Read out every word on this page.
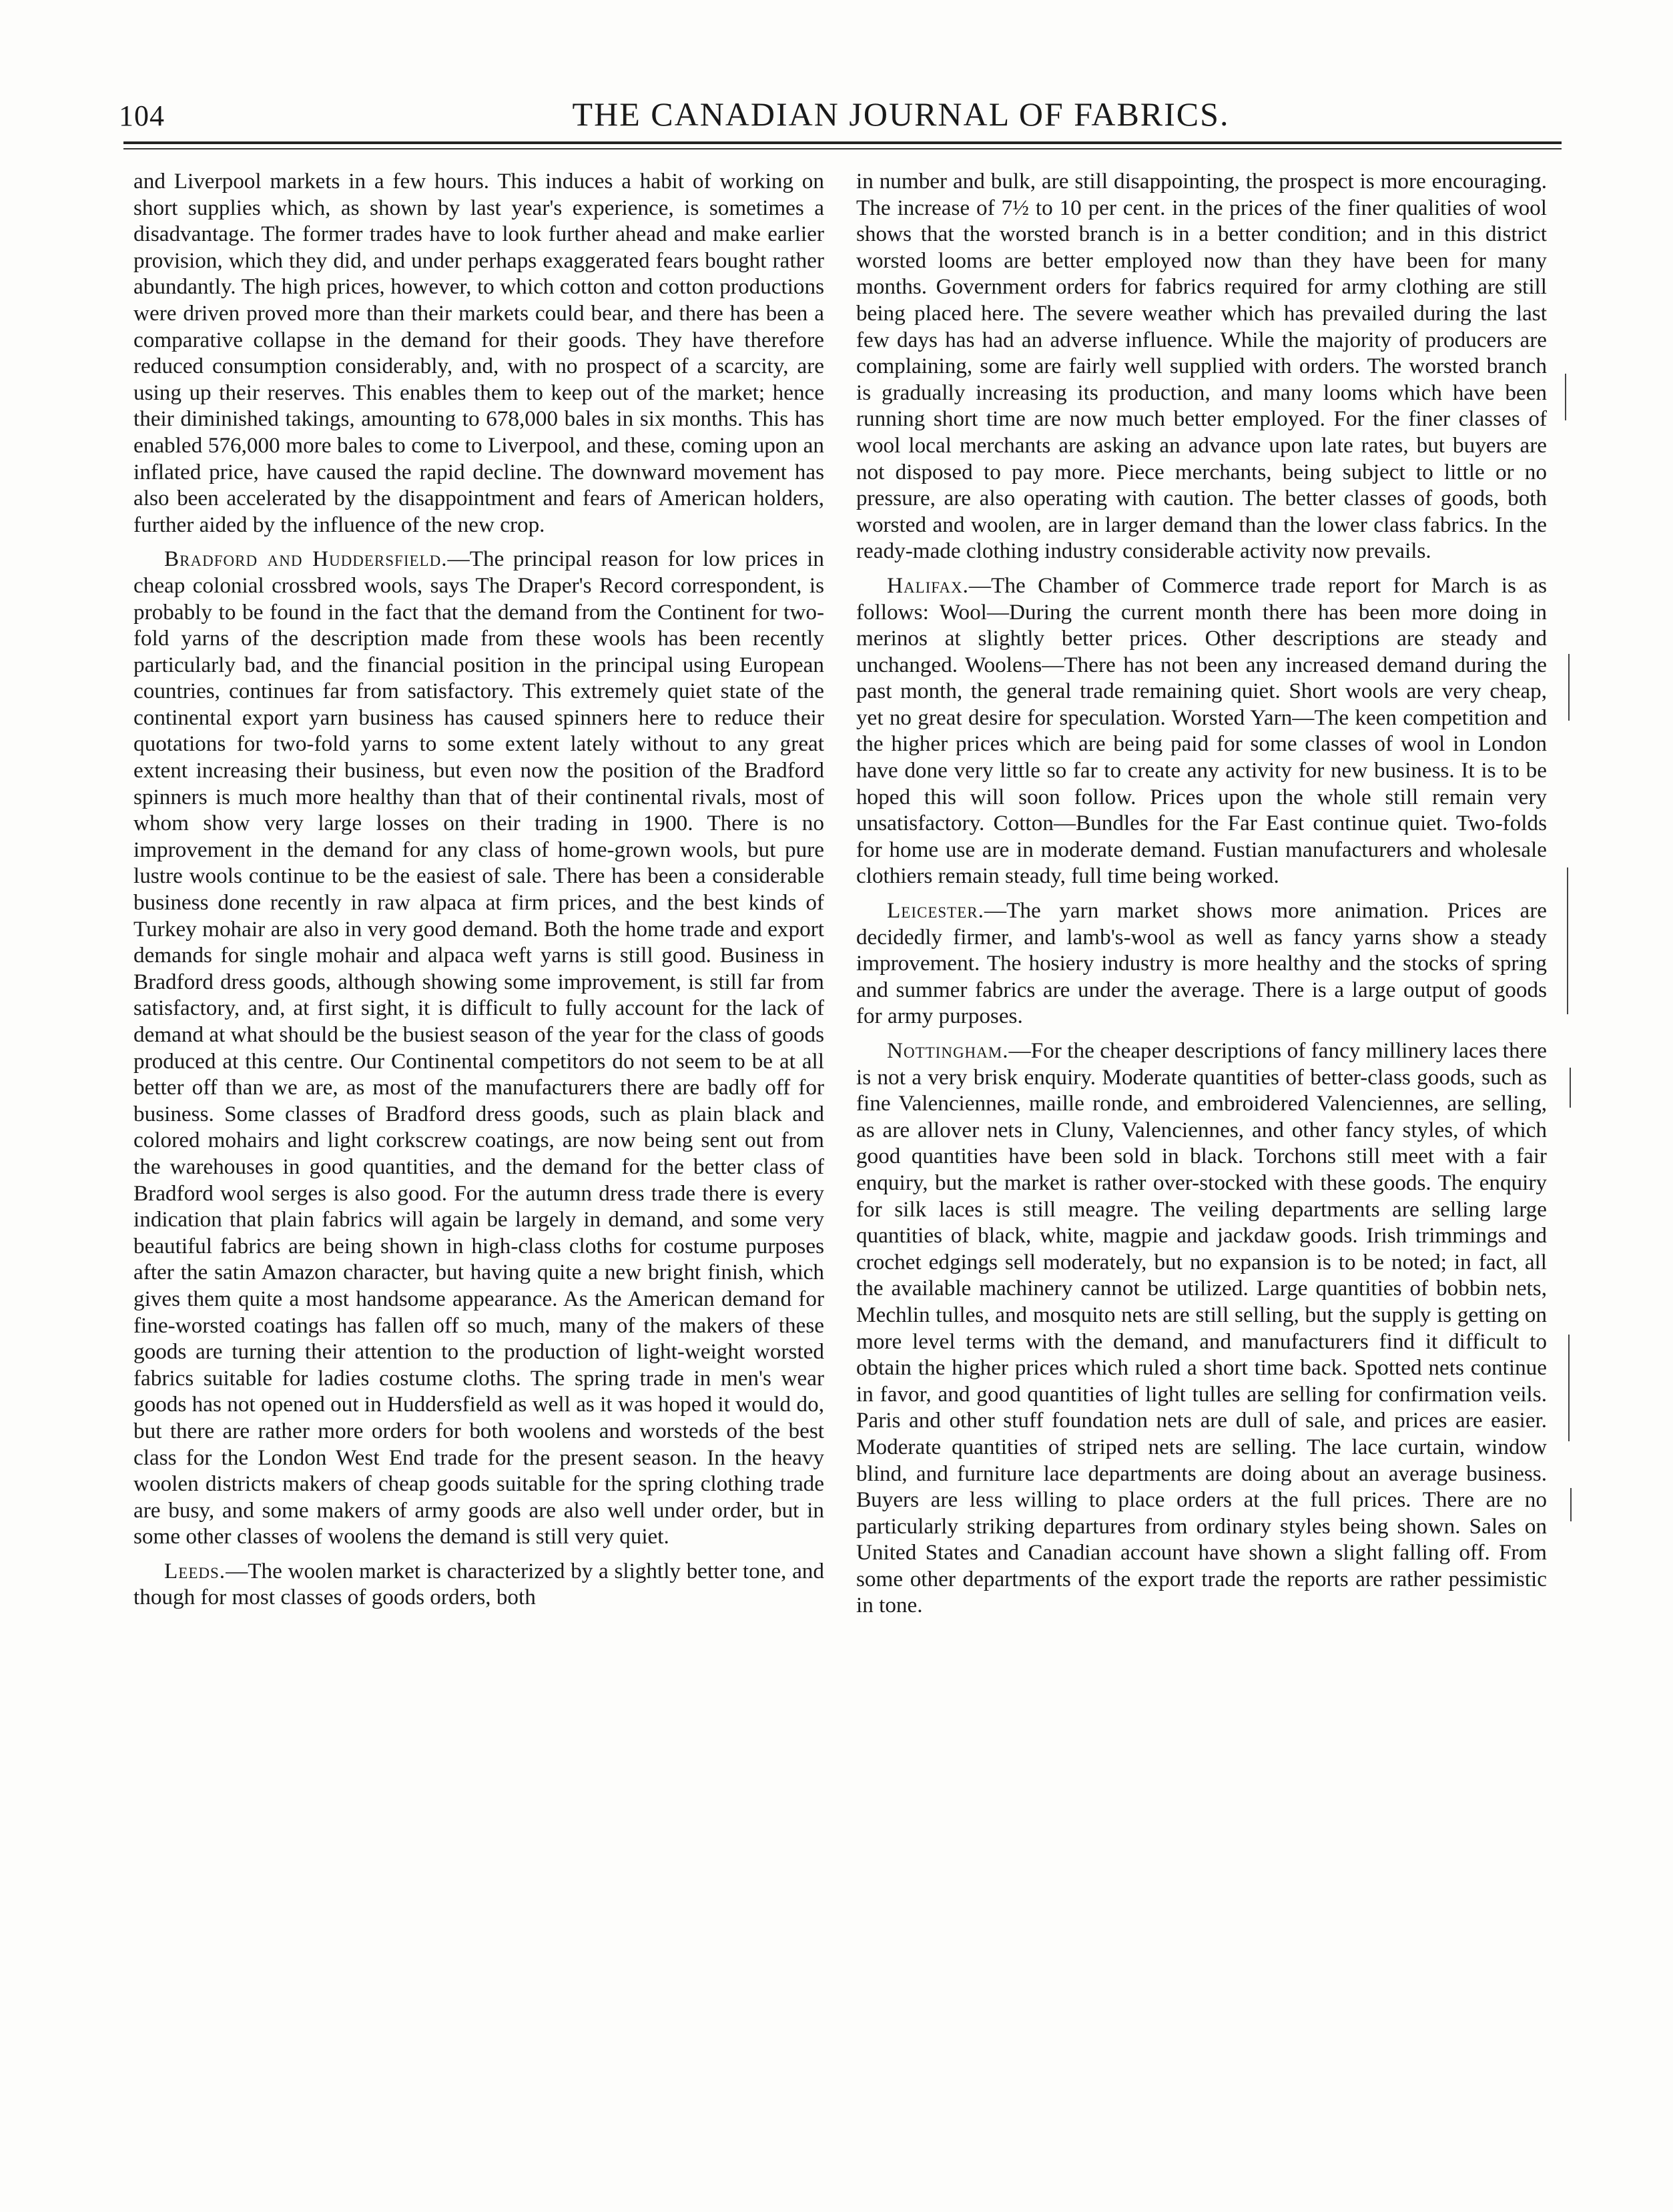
104	THE CANADIAN JOURNAL OF FABRICS.

and Liverpool markets in a few hours. This induces a habit of working on short supplies which, as shown by last year's experience, is sometimes a disadvantage. The former trades have to look further ahead and make earlier provision, which they did, and under perhaps exaggerated fears bought rather abundantly. The high prices, however, to which cotton and cotton productions were driven proved more than their markets could bear, and there has been a comparative collapse in the demand for their goods. They have therefore reduced consumption considerably, and, with no prospect of a scarcity, are using up their reserves. This enables them to keep out of the market; hence their diminished takings, amounting to 678,000 bales in six months. This has enabled 576,000 more bales to come to Liverpool, and these, coming upon an inflated price, have caused the rapid decline. The downward movement has also been accelerated by the disappointment and fears of American holders, further aided by the influence of the new crop.

Bradford and Huddersfield.—The principal reason for low prices in cheap colonial crossbred wools, says The Draper's Record correspondent, is probably to be found in the fact that the demand from the Continent for two-fold yarns of the description made from these wools has been recently particularly bad, and the financial position in the principal using European countries, continues far from satisfactory. This extremely quiet state of the continental export yarn business has caused spinners here to reduce their quotations for two-fold yarns to some extent lately without to any great extent increasing their business, but even now the position of the Bradford spinners is much more healthy than that of their continental rivals, most of whom show very large losses on their trading in 1900. There is no improvement in the demand for any class of home-grown wools, but pure lustre wools continue to be the easiest of sale. There has been a considerable business done recently in raw alpaca at firm prices, and the best kinds of Turkey mohair are also in very good demand. Both the home trade and export demands for single mohair and alpaca weft yarns is still good. Business in Bradford dress goods, although showing some improvement, is still far from satisfactory, and, at first sight, it is difficult to fully account for the lack of demand at what should be the busiest season of the year for the class of goods produced at this centre. Our Continental competitors do not seem to be at all better off than we are, as most of the manufacturers there are badly off for business. Some classes of Bradford dress goods, such as plain black and colored mohairs and light corkscrew coatings, are now being sent out from the warehouses in good quantities, and the demand for the better class of Bradford wool serges is also good. For the autumn dress trade there is every indication that plain fabrics will again be largely in demand, and some very beautiful fabrics are being shown in high-class cloths for costume purposes after the satin Amazon character, but having quite a new bright finish, which gives them quite a most handsome appearance. As the American demand for fine-worsted coatings has fallen off so much, many of the makers of these goods are turning their attention to the production of light-weight worsted fabrics suitable for ladies costume cloths. The spring trade in men's wear goods has not opened out in Huddersfield as well as it was hoped it would do, but there are rather more orders for both woolens and worsteds of the best class for the London West End trade for the present season. In the heavy woolen districts makers of cheap goods suitable for the spring clothing trade are busy, and some makers of army goods are also well under order, but in some other classes of woolens the demand is still very quiet.

Leeds.—The woolen market is characterized by a slightly better tone, and though for most classes of goods orders, both

in number and bulk, are still disappointing, the prospect is more encouraging. The increase of 7½ to 10 per cent. in the prices of the finer qualities of wool shows that the worsted branch is in a better condition; and in this district worsted looms are better employed now than they have been for many months. Government orders for fabrics required for army clothing are still being placed here. The severe weather which has prevailed during the last few days has had an adverse influence. While the majority of producers are complaining, some are fairly well supplied with orders. The worsted branch is gradually increasing its production, and many looms which have been running short time are now much better employed. For the finer classes of wool local merchants are asking an advance upon late rates, but buyers are not disposed to pay more. Piece merchants, being subject to little or no pressure, are also operating with caution. The better classes of goods, both worsted and woolen, are in larger demand than the lower class fabrics. In the ready-made clothing industry considerable activity now prevails.

Halifax.—The Chamber of Commerce trade report for March is as follows: Wool—During the current month there has been more doing in merinos at slightly better prices. Other descriptions are steady and unchanged. Woolens—There has not been any increased demand during the past month, the general trade remaining quiet. Short wools are very cheap, yet no great desire for speculation. Worsted Yarn—The keen competition and the higher prices which are being paid for some classes of wool in London have done very little so far to create any activity for new business. It is to be hoped this will soon follow. Prices upon the whole still remain very unsatisfactory. Cotton—Bundles for the Far East continue quiet. Two-folds for home use are in moderate demand. Fustian manufacturers and wholesale clothiers remain steady, full time being worked.

Leicester.—The yarn market shows more animation. Prices are decidedly firmer, and lamb's-wool as well as fancy yarns show a steady improvement. The hosiery industry is more healthy and the stocks of spring and summer fabrics are under the average. There is a large output of goods for army purposes.

Nottingham.—For the cheaper descriptions of fancy millinery laces there is not a very brisk enquiry. Moderate quantities of better-class goods, such as fine Valenciennes, maille ronde, and embroidered Valenciennes, are selling, as are allover nets in Cluny, Valenciennes, and other fancy styles, of which good quantities have been sold in black. Torchons still meet with a fair enquiry, but the market is rather over-stocked with these goods. The enquiry for silk laces is still meagre. The veiling departments are selling large quantities of black, white, magpie and jackdaw goods. Irish trimmings and crochet edgings sell moderately, but no expansion is to be noted; in fact, all the available machinery cannot be utilized. Large quantities of bobbin nets, Mechlin tulles, and mosquito nets are still selling, but the supply is getting on more level terms with the demand, and manufacturers find it difficult to obtain the higher prices which ruled a short time back. Spotted nets continue in favor, and good quantities of light tulles are selling for confirmation veils. Paris and other stuff foundation nets are dull of sale, and prices are easier. Moderate quantities of striped nets are selling. The lace curtain, window blind, and furniture lace departments are doing about an average business. Buyers are less willing to place orders at the full prices. There are no particularly striking departures from ordinary styles being shown. Sales on United States and Canadian account have shown a slight falling off. From some other departments of the export trade the reports are rather pessimistic in tone.
